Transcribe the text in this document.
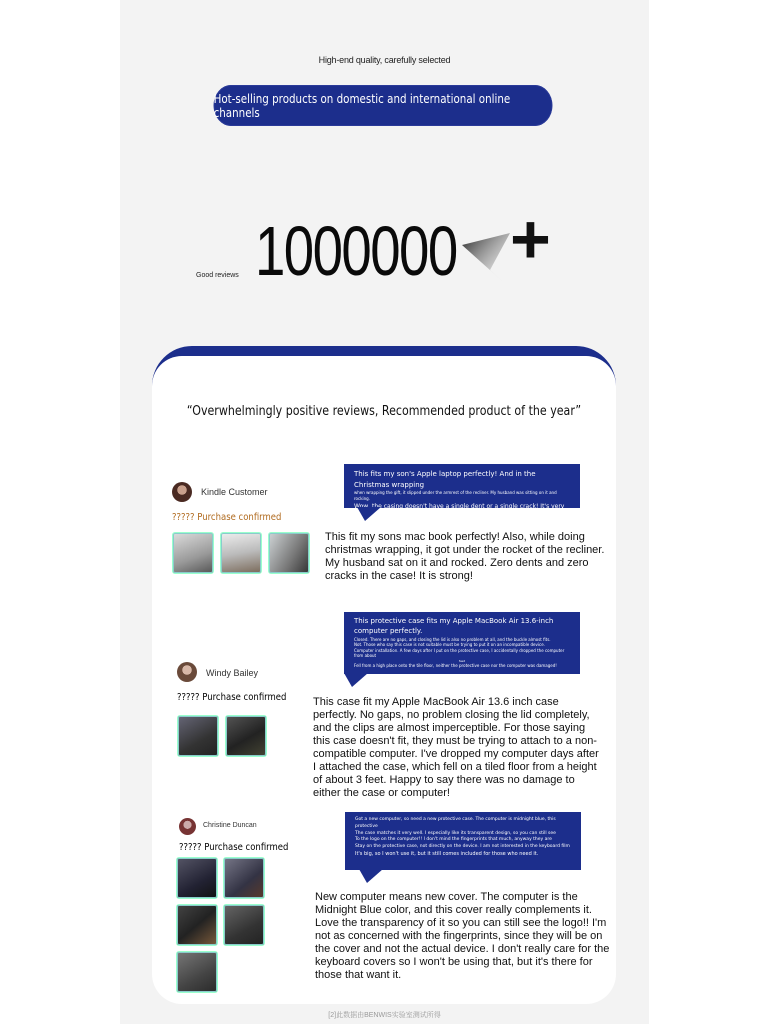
High-end quality, carefully selected
Hot-selling products on domestic and international online channels
Good reviews 1000000 +
“Overwhelmingly positive reviews, Recommended product of the year”
Kindle Customer
????? Purchase confirmed
This fits my son's Apple laptop perfectly! And in the Christmas wrapping
when wrapping the gift, it slipped under the armrest of the recliner. My husband was sitting on it and rocking.
Wow, the casing doesn't have a single dent or a single crack! It's very sturdy!
This fit my sons mac book perfectly! Also, while doing christmas wrapping, it got under the rocket of the recliner. My husband sat on it and rocked. Zero dents and zero cracks in the case! It is strong!
Windy Bailey
????? Purchase confirmed
This protective case fits my Apple MacBook Air 13.6-inch computer perfectly.
Closed. There are no gaps, and closing the lid is also no problem at all, and the buckle almost fits.
Not. Those who say this case is not suitable must be trying to put it on an incompatible device.
Computer installation. A few days after I put on the protective case, I accidentally dropped the computer from about
feet
Fell from a high place onto the tile floor, neither the protective case nor the computer was damaged!
This case fit my Apple MacBook Air 13.6 inch case perfectly. No gaps, no problem closing the lid completely, and the clips are almost imperceptible. For those saying this case doesn't fit, they must be trying to attach to a non-compatible computer. I've dropped my computer days after I attached the case, which fell on a tiled floor from a height of about 3 feet. Happy to say there was no damage to either the case or computer!
Christine Duncan
????? Purchase confirmed
Got a new computer, so need a new protective case. The computer is midnight blue, this protective
The case matches it very well. I especially like its transparent design, so you can still see
To the logo on the computer!! I don't mind the fingerprints that much, anyway they are
Stay on the protective case, not directly on the device. I am not interested in the keyboard film
It's big, so I won't use it, but it still comes included for those who need it.
New computer means new cover. The computer is the Midnight Blue color, and this cover really complements it. Love the transparency of it so you can still see the logo!! I'm not as concerned with the fingerprints, since they will be on the cover and not the actual device. I don't really care for the keyboard covers so I won't be using that, but it's there for those that want it.
[2]此数据由BENWIS实验室测试所得
